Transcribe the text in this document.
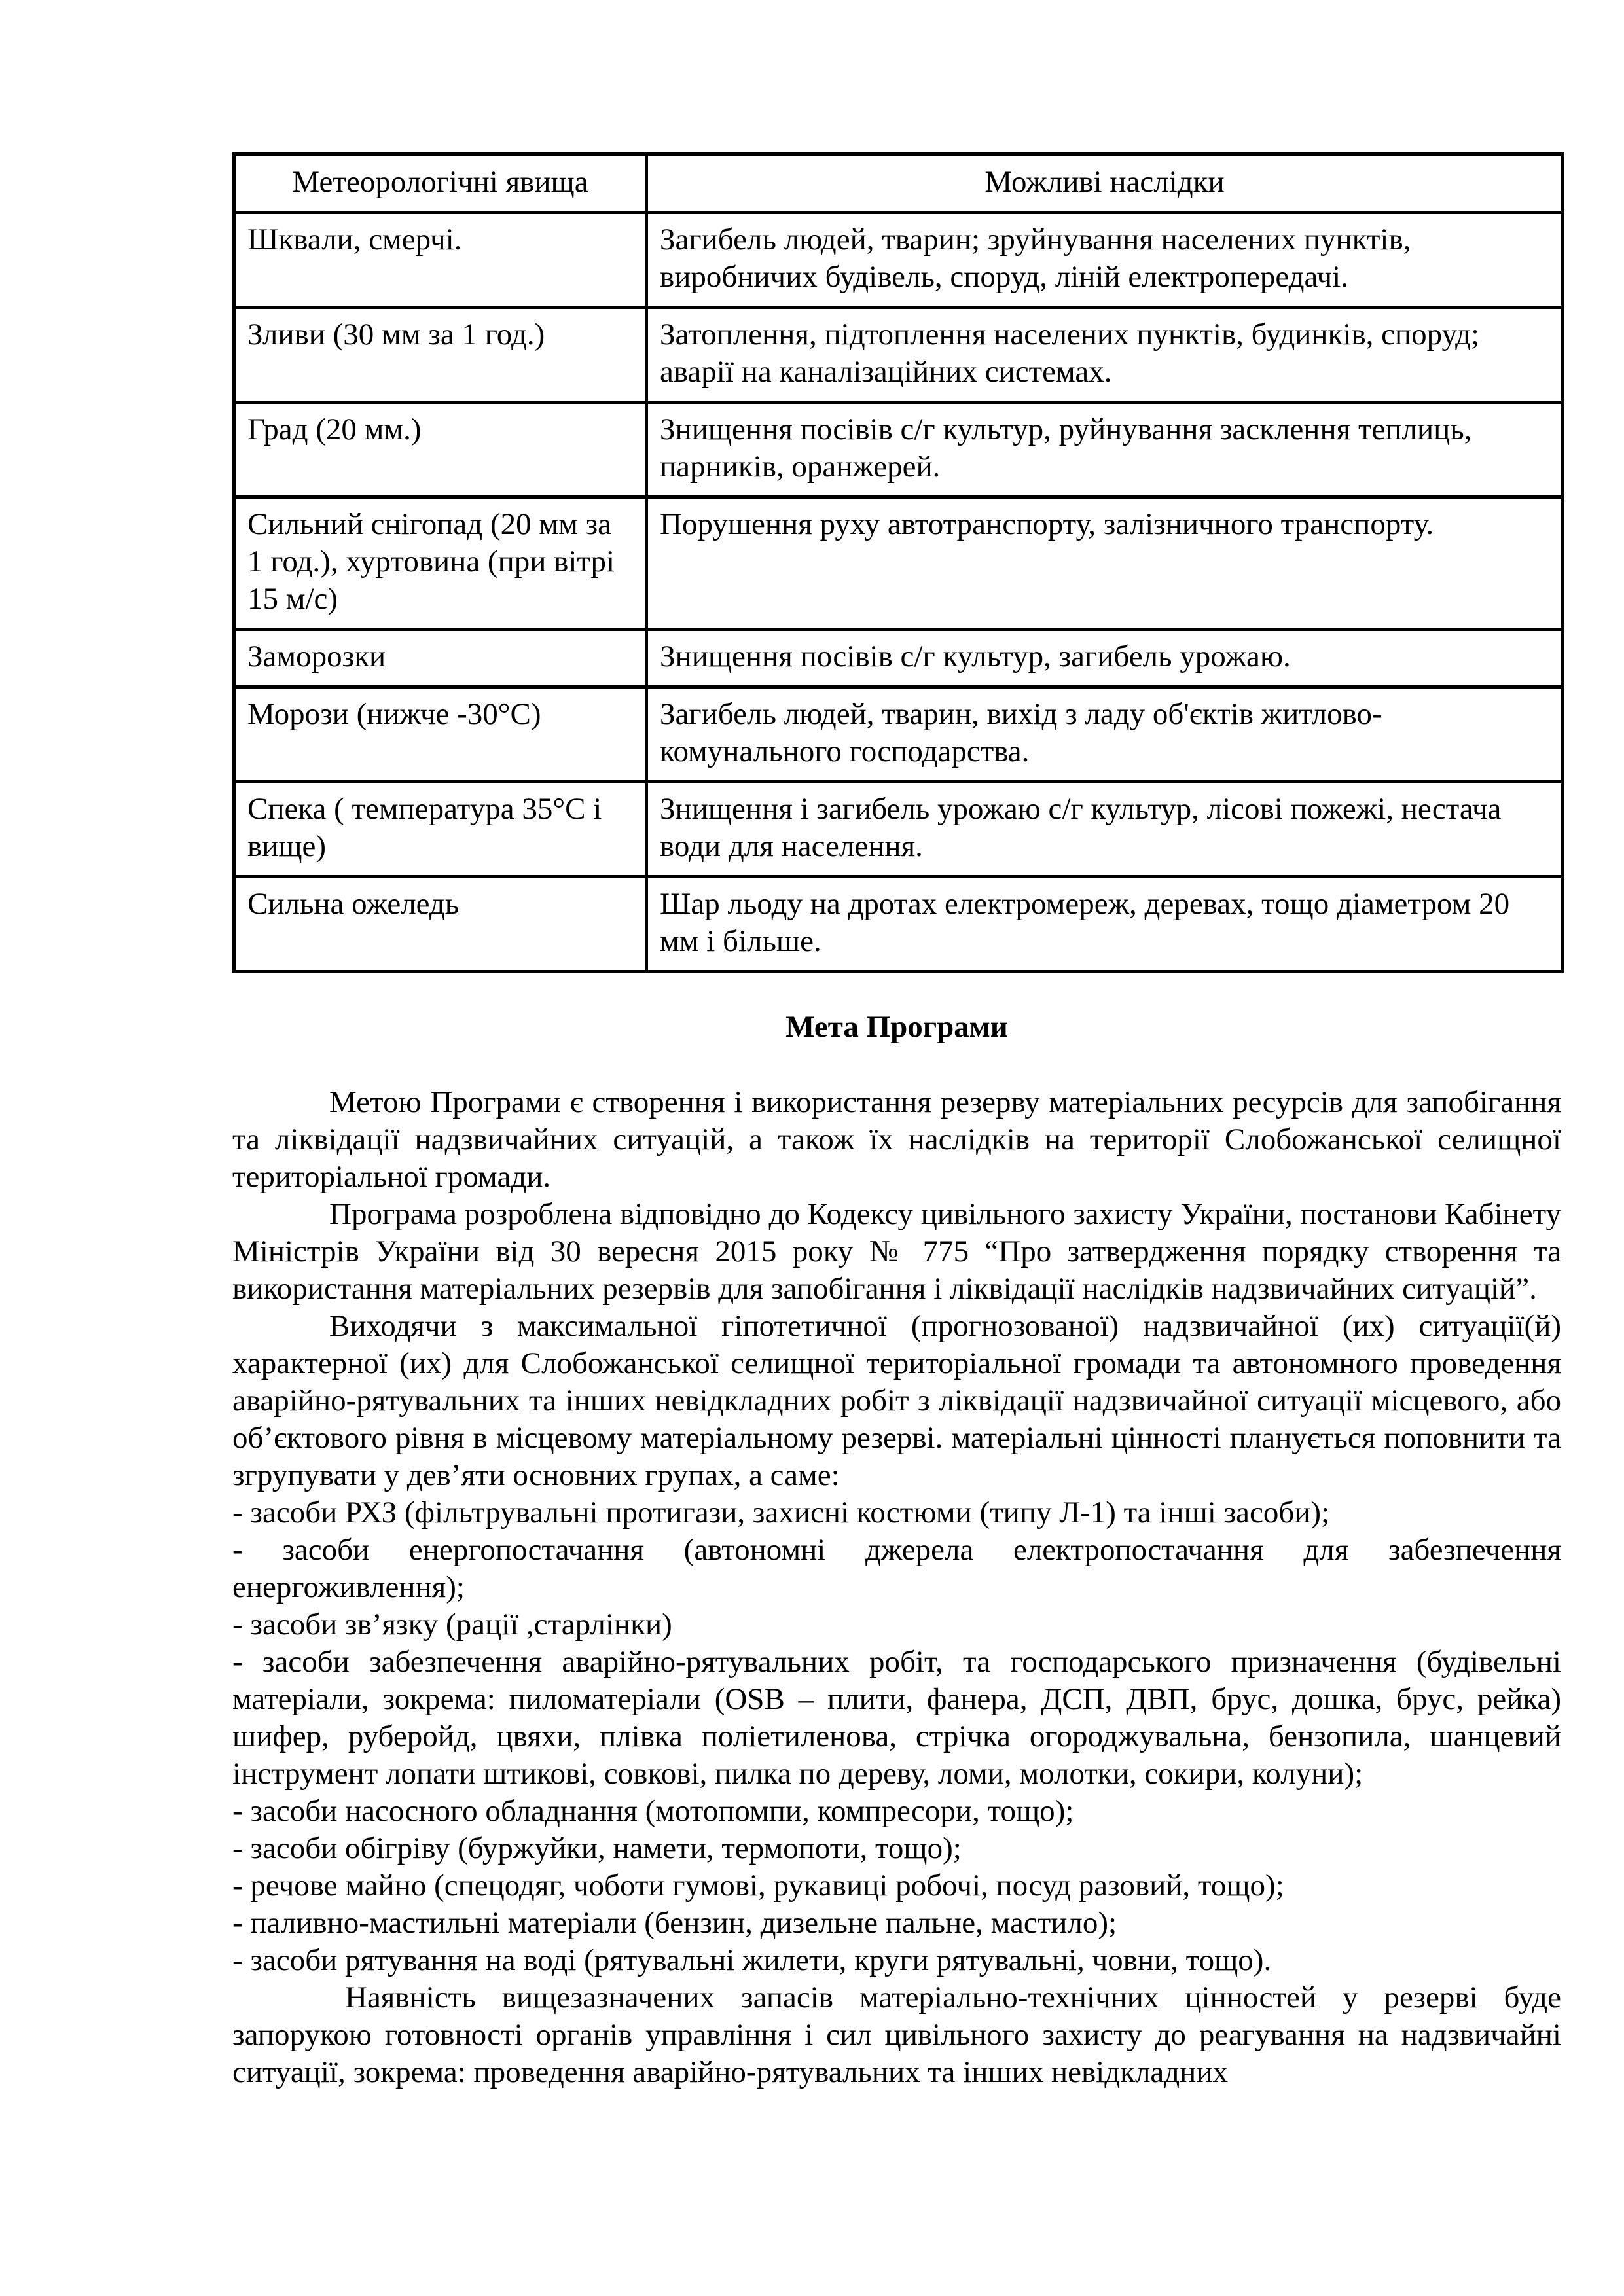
Метеорологічні явища	Можливі наслідки
Шквали, смерчі.	Загибель людей, тварин; зруйнування населених пунктів, виробничих будівель, споруд, ліній електропередачі.
Зливи (30 мм за 1 год.)	Затоплення, підтоплення населених пунктів, будинків, споруд; аварії на каналізаційних системах.
Град (20 мм.)	Знищення посівів с/г культур, руйнування засклення теплиць, парників, оранжерей.
Сильний снігопад (20 мм за 1 год.), хуртовина (при вітрі 15 м/с)	Порушення руху автотранспорту, залізничного транспорту.
Заморозки	Знищення посівів с/г культур, загибель урожаю.
Морози (нижче -30°С)	Загибель людей, тварин, вихід з ладу об'єктів житлово-комунального господарства.
Спека ( температура 35°С і вище)	Знищення і загибель урожаю с/г культур, лісові пожежі, нестача води для населення.
Сильна ожеледь	Шар льоду на дротах електромереж, деревах, тощо діаметром 20 мм і більше.
Мета Програми

Метою Програми є створення і використання резерву матеріальних ресурсів для запобігання та ліквідації надзвичайних ситуацій, а також їх наслідків на території Слобожанської селищної територіальної громади.

Програма розроблена відповідно до Кодексу цивільного захисту України, постанови Кабінету Міністрів України від 30 вересня 2015 року № 775 “Про затвердження порядку створення та використання матеріальних резервів для запобігання і ліквідації наслідків надзвичайних ситуацій”.

Виходячи з максимальної гіпотетичної (прогнозованої) надзвичайної (их) ситуації(й) характерної (их) для Слобожанської селищної територіальної громади та автономного проведення аварійно-рятувальних та інших невідкладних робіт з ліквідації надзвичайної ситуації місцевого, або об’єктового рівня в місцевому матеріальному резерві. матеріальні цінності планується поповнити та згрупувати у дев’яти основних групах, а саме:

- засоби РХЗ (фільтрувальні протигази, захисні костюми (типу Л-1) та інші засоби);

- засоби енергопостачання (автономні джерела електропостачання для забезпечення енергоживлення);

- засоби зв’язку (рації ,старлінки)

- засоби забезпечення аварійно-рятувальних робіт, та господарського призначення (будівельні матеріали, зокрема: пиломатеріали (OSB – плити, фанера, ДСП, ДВП, брус, дошка, брус, рейка) шифер, руберойд, цвяхи, плівка поліетиленова, стрічка огороджувальна, бензопила, шанцевий інструмент лопати штикові, совкові, пилка по дереву, ломи, молотки, сокири, колуни);

- засоби насосного обладнання (мотопомпи, компресори, тощо);

- засоби обігріву (буржуйки, намети, термопоти, тощо);

- речове майно (спецодяг, чоботи гумові, рукавиці робочі, посуд разовий, тощо);

- паливно-мастильні матеріали (бензин, дизельне пальне, мастило);

- засоби рятування на воді (рятувальні жилети, круги рятувальні, човни, тощо).

Наявність вищезазначених запасів матеріально-технічних цінностей у резерві буде запорукою готовності органів управління і сил цивільного захисту до реагування на надзвичайні ситуації, зокрема: проведення аварійно-рятувальних та інших невідкладних
